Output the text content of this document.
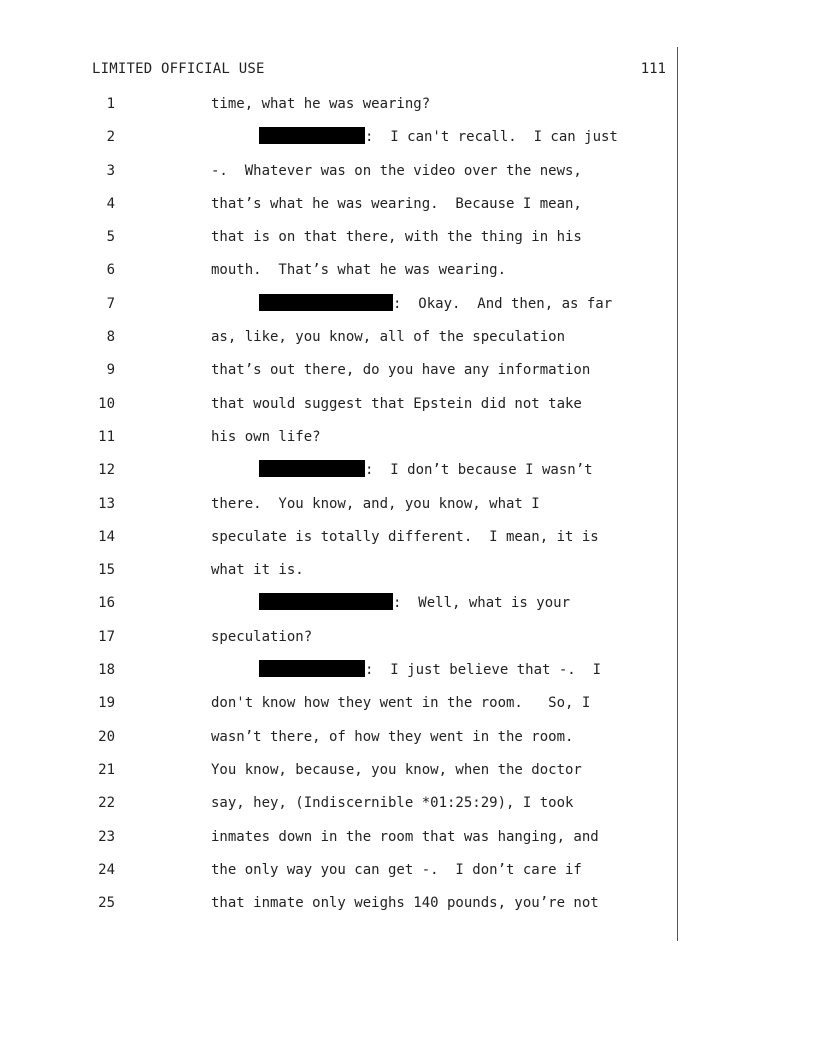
LIMITED OFFICIAL USE	111
1	time, what he was wearing?
2	:  I can't recall.  I can just
3	-.  Whatever was on the video over the news,
4	that’s what he was wearing.  Because I mean,
5	that is on that there, with the thing in his
6	mouth.  That’s what he was wearing.
7	:  Okay.  And then, as far
8	as, like, you know, all of the speculation
9	that’s out there, do you have any information
10	that would suggest that Epstein did not take
11	his own life?
12	:  I don’t because I wasn’t
13	there.  You know, and, you know, what I
14	speculate is totally different.  I mean, it is
15	what it is.
16	:  Well, what is your
17	speculation?
18	:  I just believe that -.  I
19	don't know how they went in the room.   So, I
20	wasn’t there, of how they went in the room.
21	You know, because, you know, when the doctor
22	say, hey, (Indiscernible *01:25:29), I took
23	inmates down in the room that was hanging, and
24	the only way you can get -.  I don’t care if
25	that inmate only weighs 140 pounds, you’re not
